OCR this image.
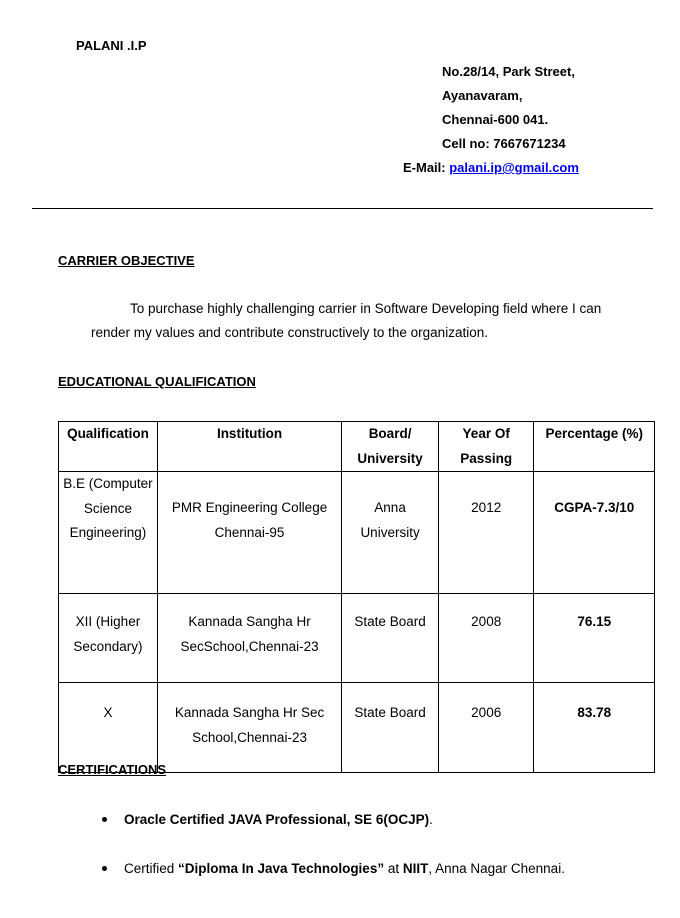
PALANI .I.P
No.28/14, Park Street,
Ayanavaram,
Chennai-600 041.
Cell no: 7667671234
E-Mail: palani.ip@gmail.com
CARRIER OBJECTIVE
To purchase highly challenging carrier in Software Developing field where I can
render my values and contribute constructively to the organization.
EDUCATIONAL QUALIFICATION
Qualification	Institution	Board/ University	Year Of Passing	Percentage (%)
B.E (Computer Science Engineering)	PMR Engineering College Chennai-95	Anna University	2012	CGPA-7.3/10
XII (Higher Secondary)	Kannada Sangha Hr SecSchool,Chennai-23	State Board	2008	76.15
X	Kannada Sangha Hr Sec School,Chennai-23	State Board	2006	83.78
CERTIFICATIONS
Oracle Certified JAVA Professional, SE 6(OCJP).
Certified “Diploma In Java Technologies” at NIIT, Anna Nagar Chennai.
